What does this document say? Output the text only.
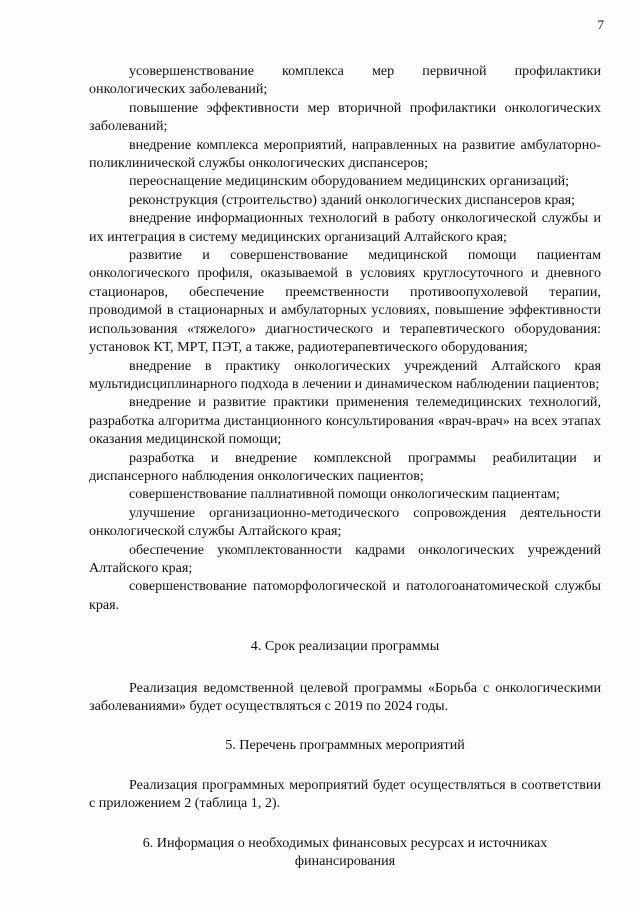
7

усовершенствование комплекса мер первичной профилактики онкологических заболеваний;

повышение эффективности мер вторичной профилактики онкологических заболеваний;

внедрение комплекса мероприятий, направленных на развитие амбулаторно-поликлинической службы онкологических диспансеров;

переоснащение медицинским оборудованием медицинских организаций;

реконструкция (строительство) зданий онкологических диспансеров края;

внедрение информационных технологий в работу онкологической службы и их интеграция в систему медицинских организаций Алтайского края;

развитие и совершенствование медицинской помощи пациентам онкологического профиля, оказываемой в условиях круглосуточного и дневного стационаров, обеспечение преемственности противоопухолевой терапии, проводимой в стационарных и амбулаторных условиях, повышение эффективности использования «тяжелого» диагностического и терапевтического оборудования: установок КТ, МРТ, ПЭТ, а также, радиотерапевтического оборудования;

внедрение в практику онкологических учреждений Алтайского края мультидисциплинарного подхода в лечении и динамическом наблюдении пациентов;

внедрение и развитие практики применения телемедицинских технологий, разработка алгоритма дистанционного консультирования «врач-врач» на всех этапах оказания медицинской помощи;

разработка и внедрение комплексной программы реабилитации и диспансерного наблюдения онкологических пациентов;

совершенствование паллиативной помощи онкологическим пациентам;

улучшение организационно-методического сопровождения деятельности онкологической службы Алтайского края;

обеспечение укомплектованности кадрами онкологических учреждений Алтайского края;

совершенствование патоморфологической и патологоанатомической службы края.

4. Срок реализации программы

Реализация ведомственной целевой программы «Борьба с онкологическими заболеваниями» будет осуществляться с 2019 по 2024 годы.

5. Перечень программных мероприятий

Реализация программных мероприятий будет осуществляться в соответствии с приложением 2 (таблица 1, 2).

6. Информация о необходимых финансовых ресурсах и источниках финансирования
